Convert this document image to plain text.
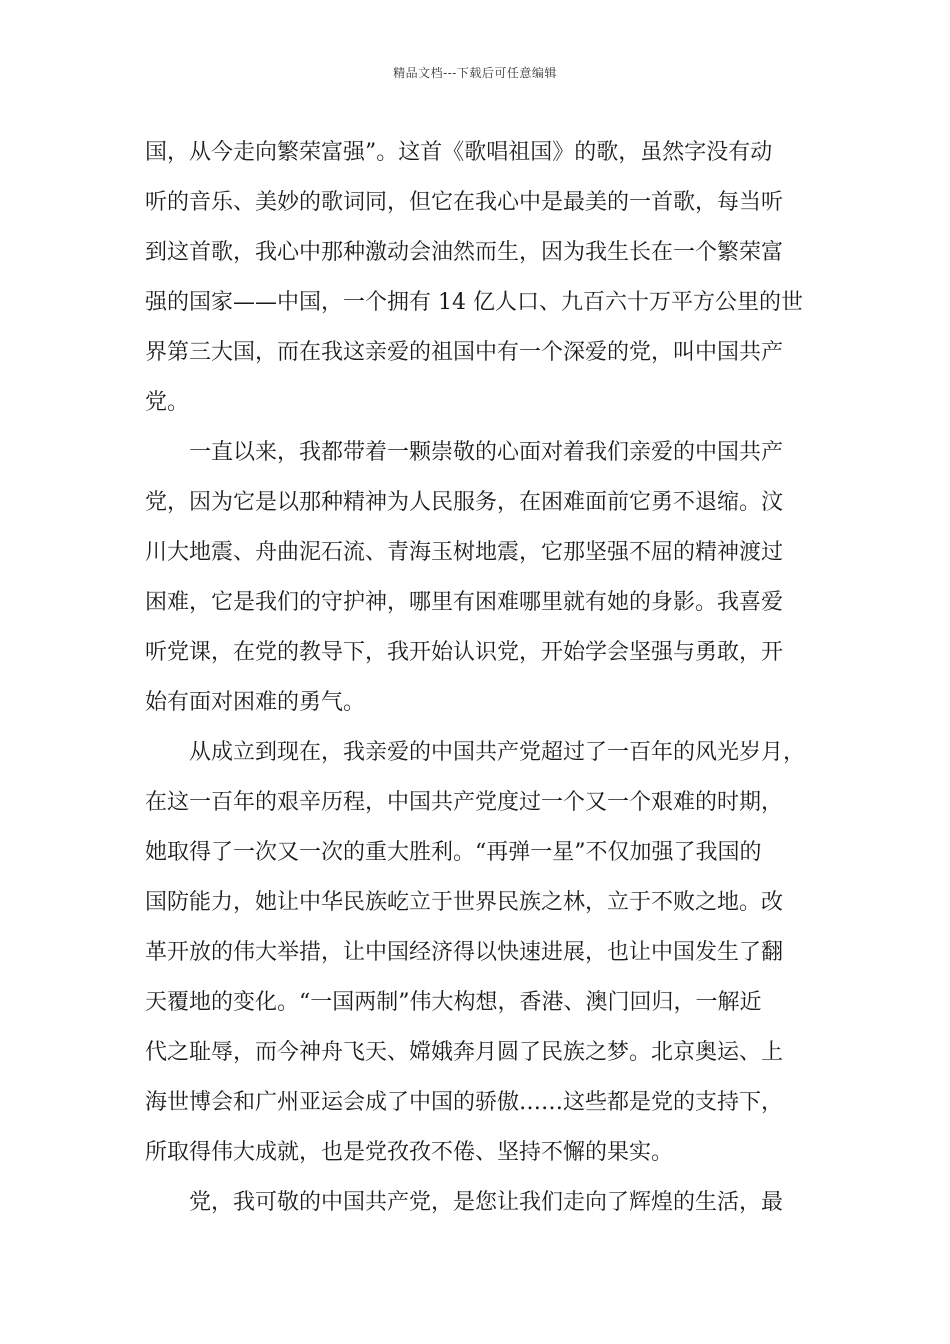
精品文档---下载后可任意编辑
国，从今走向繁荣富强”。这首《歌唱祖国》的歌，虽然字没有动
听的音乐、美妙的歌词同，但它在我心中是最美的一首歌，每当听
到这首歌，我心中那种激动会油然而生，因为我生长在一个繁荣富
强的国家——中国，一个拥有 14 亿人口、九百六十万平方公里的世
界第三大国，而在我这亲爱的祖国中有一个深爱的党，叫中国共产
党。
一直以来，我都带着一颗崇敬的心面对着我们亲爱的中国共产
党，因为它是以那种精神为人民服务，在困难面前它勇不退缩。汶
川大地震、舟曲泥石流、青海玉树地震，它那坚强不屈的精神渡过
困难，它是我们的守护神，哪里有困难哪里就有她的身影。我喜爱
听党课，在党的教导下，我开始认识党，开始学会坚强与勇敢，开
始有面对困难的勇气。
从成立到现在，我亲爱的中国共产党超过了一百年的风光岁月，
在这一百年的艰辛历程，中国共产党度过一个又一个艰难的时期，
她取得了一次又一次的重大胜利。“再弹一星”不仅加强了我国的
国防能力，她让中华民族屹立于世界民族之林，立于不败之地。改
革开放的伟大举措，让中国经济得以快速进展，也让中国发生了翻
天覆地的变化。“一国两制”伟大构想，香港、澳门回归，一解近
代之耻辱，而今神舟飞天、嫦娥奔月圆了民族之梦。北京奥运、上
海世博会和广州亚运会成了中国的骄傲……这些都是党的支持下，
所取得伟大成就，也是党孜孜不倦、坚持不懈的果实。
党，我可敬的中国共产党，是您让我们走向了辉煌的生活，最
